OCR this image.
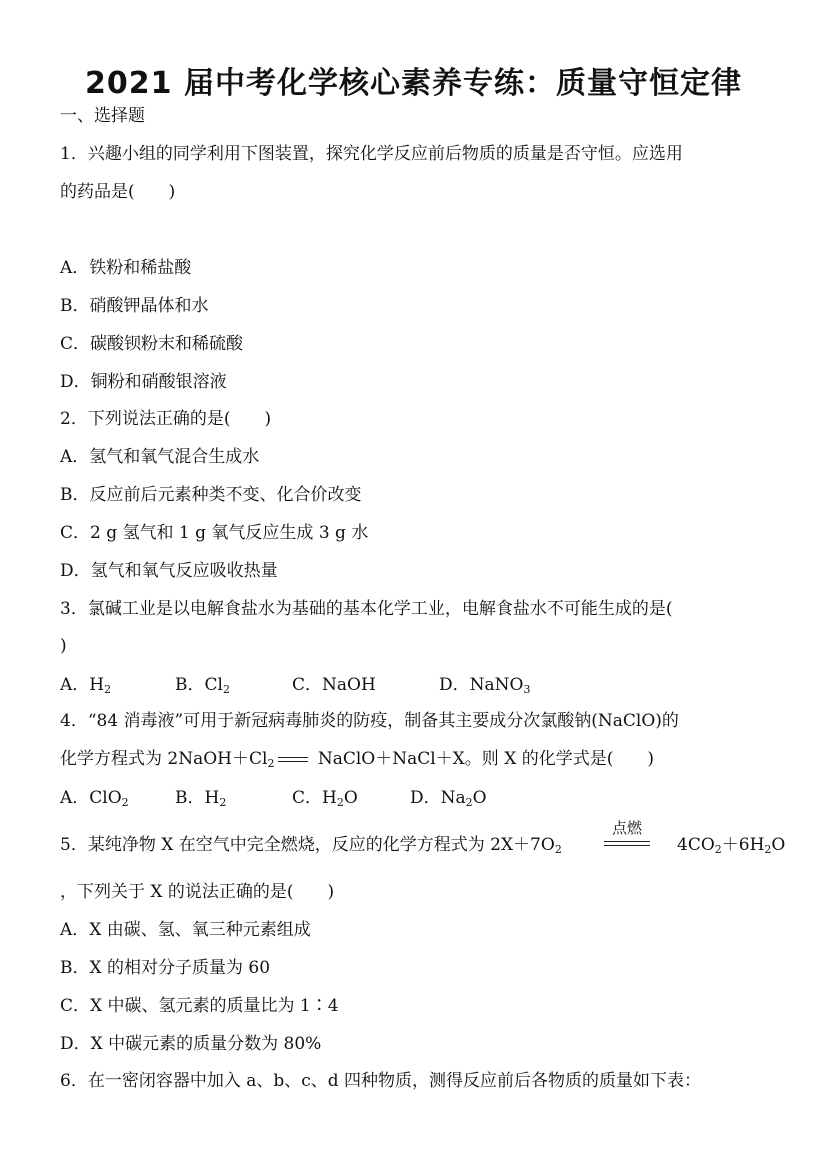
2021 届中考化学核心素养专练：质量守恒定律
一、选择题
1．兴趣小组的同学利用下图装置，探究化学反应前后物质的质量是否守恒。应选用
的药品是(　　)
A．铁粉和稀盐酸
B．硝酸钾晶体和水
C．碳酸钡粉末和稀硫酸
D．铜粉和硝酸银溶液
2．下列说法正确的是(　　)
A．氢气和氧气混合生成水
B．反应前后元素种类不变、化合价改变
C．2 g 氢气和 1 g 氧气反应生成 3 g 水
D．氢气和氧气反应吸收热量
3．氯碱工业是以电解食盐水为基础的基本化学工业，电解食盐水不可能生成的是(
)
A．$H_2$	B．$Cl_2$	C．NaOH	D．NaNO$_3$
4．“84 消毒液”可用于新冠病毒肺炎的防疫，制备其主要成分次氯酸钠(NaClO)的
化学方程式为 $2NaOH+Cl_2$ NaClO＋NaCl＋X。则 X 的化学式是(　　)
A．ClO$_2$	B．$H_2$	C．$H_2O$	D．$Na_2O$
5．某纯净物 X 在空气中完全燃烧，反应的化学方程式为 $2X+7O_2$
点燃
$4CO_2+6H_2O$
，下列关于 X 的说法正确的是(　　)
A．X 由碳、氢、氧三种元素组成
B．X 的相对分子质量为 60
C．X 中碳、氢元素的质量比为 1∶4
D．X 中碳元素的质量分数为 80%
6．在一密闭容器中加入 a、b、c、d 四种物质，测得反应前后各物质的质量如下表：
